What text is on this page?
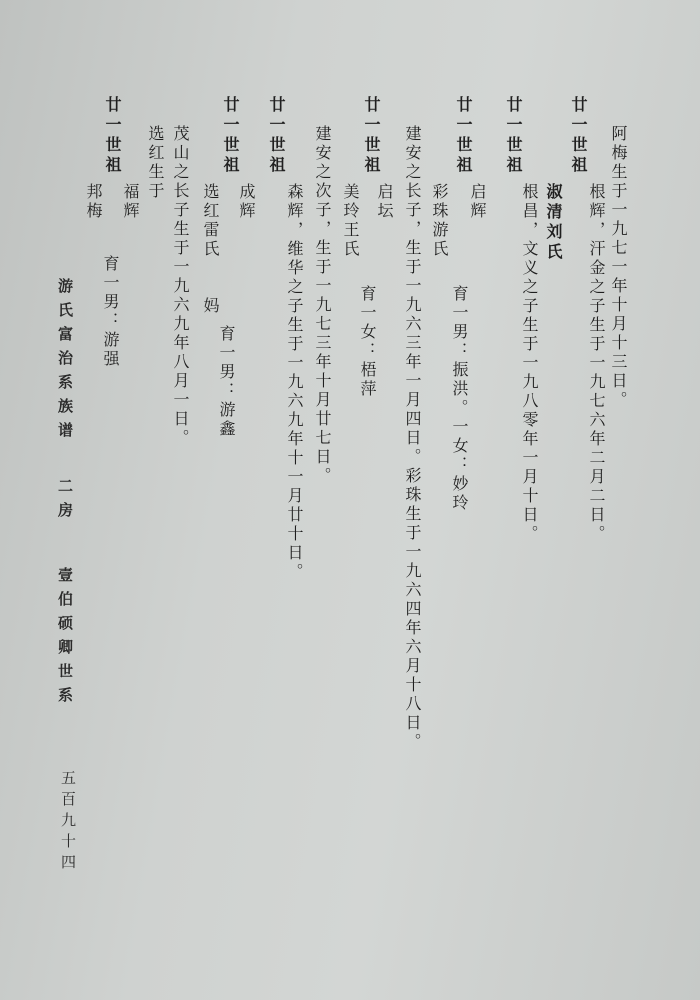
阿梅生于一九七一年十月十三日。
廿一世祖
根辉，汗金之子生于一九七六年二月二日。
淑清刘氏
廿一世祖
根昌，文义之子生于一九八零年一月十日。
廿一世祖
启辉
建安之长子，生于一九六三年一月四日。彩珠生于一九六四年六月十八日。 彩珠游氏
育一男：振洪。一女：妙玲
廿一世祖
启坛
建安之次子，生于一九七三年十月廿七日。 美玲王氏
育一女：梧萍
廿一世祖
森辉，维华之子生于一九六九年十一月廿十日。
廿一世祖
成辉
茂山之长子生于一九六九年八月一日。 选红雷氏
妈
育一男：游鑫
廿一世祖 选红生于
福辉
邦梅
育一男：游强
游氏富治系族谱
二房
壹伯硕卿世系
五百九十四
